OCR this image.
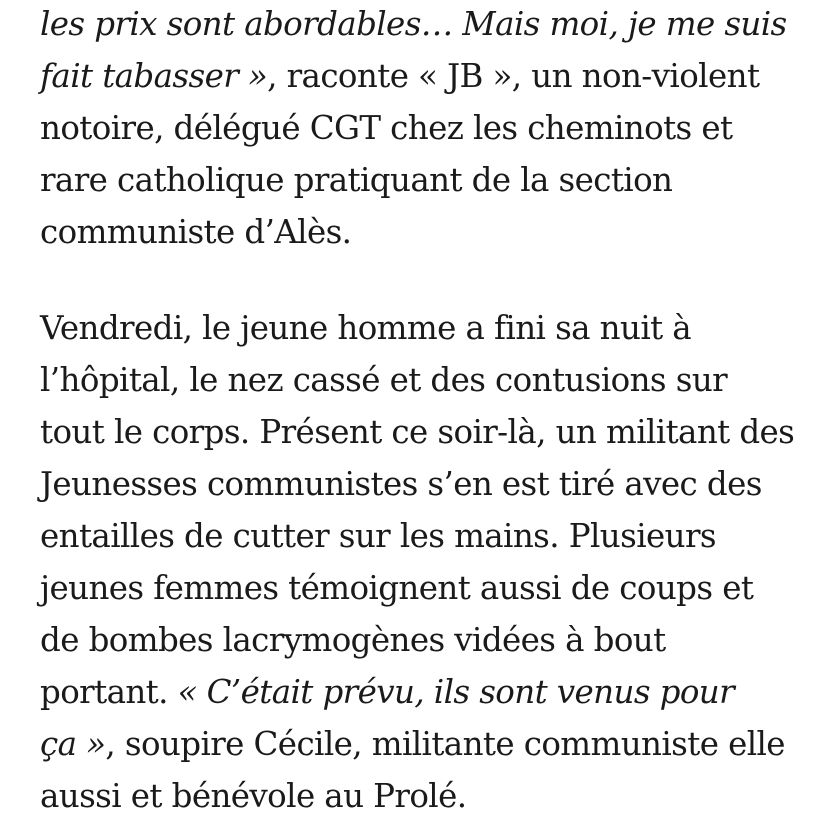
les prix sont abordables… Mais moi, je me suis
fait tabasser », raconte « JB », un non-violent
notoire, délégué CGT chez les cheminots et
rare catholique pratiquant de la section
communiste d’Alès.

Vendredi, le jeune homme a fini sa nuit à
l’hôpital, le nez cassé et des contusions sur
tout le corps. Présent ce soir-là, un militant des
Jeunesses communistes s’en est tiré avec des
entailles de cutter sur les mains. Plusieurs
jeunes femmes témoignent aussi de coups et
de bombes lacrymogènes vidées à bout
portant. « C’était prévu, ils sont venus pour
ça », soupire Cécile, militante communiste elle
aussi et bénévole au Prolé.
